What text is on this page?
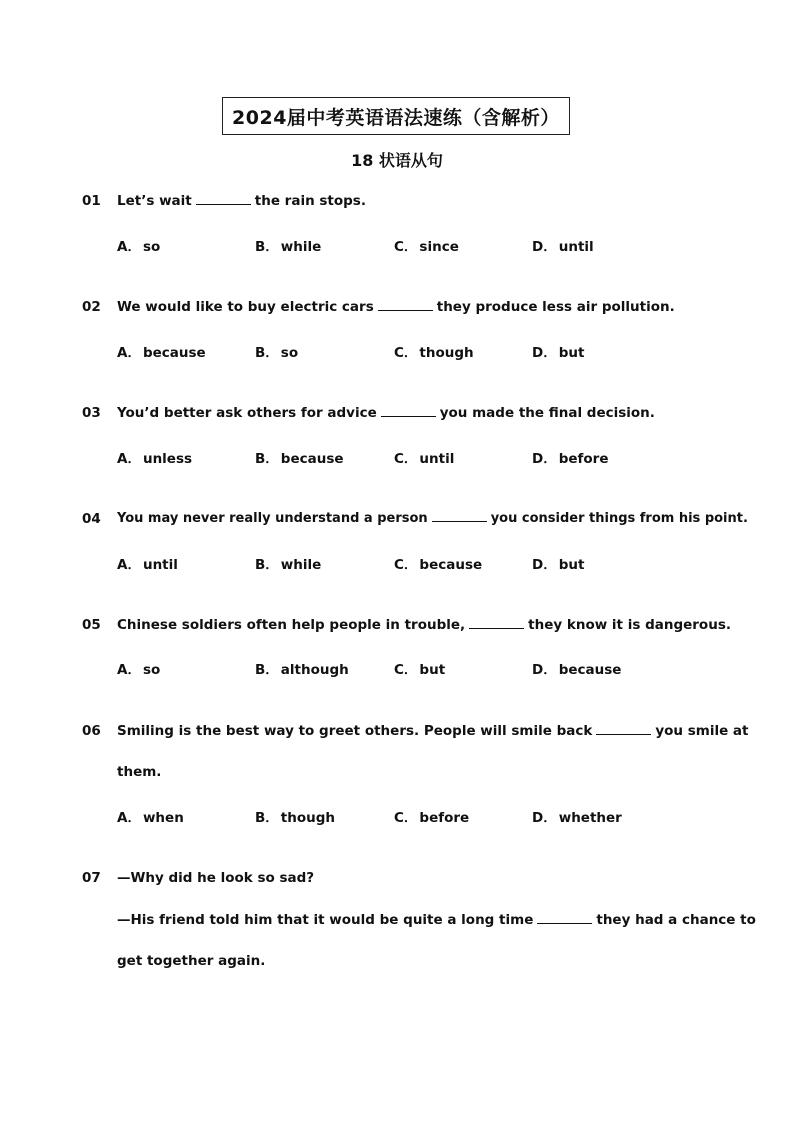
2024届中考英语语法速练（含解析）
18 状语从句
01 Let’s wait	the rain stops.
A． so	B． while	C． since	D． until
02 We would like to buy electric cars	they produce less air pollution.
A． because	B． so	C． though	D． but
03 You’d better ask others for advice	you made the final decision.
A． unless	B． because	C． until	D． before
04 You may never really understand a person	you consider things from his point.
A． until	B． while	C． because	D． but
05 Chinese soldiers often help people in trouble,	they know it is dangerous.
A． so	B． although	C． but	D． because
06 Smiling is the best way to greet others. People will smile back	you smile at
them.
A． when	B． though	C． before	D． whether
07 —Why did he look so sad?
—His friend told him that it would be quite a long time	they had a chance to
get together again.
